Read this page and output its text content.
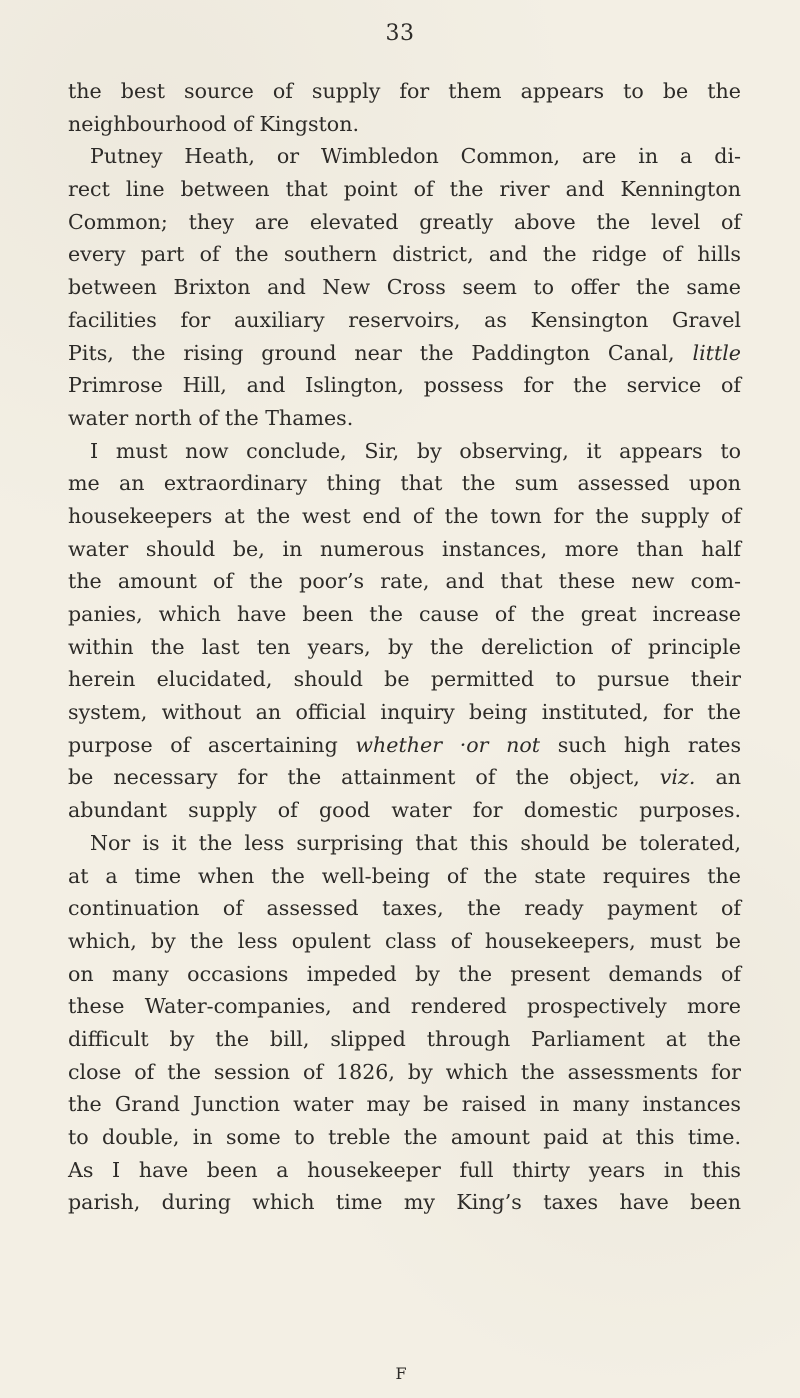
33
the best source of supply for them appears to be the
neighbourhood of Kingston.
Putney Heath, or Wimbledon Common, are in a di-
rect line between that point of the river and Kennington
Common; they are elevated greatly above the level of
every part of the southern district, and the ridge of hills
between Brixton and New Cross seem to offer the same
facilities for auxiliary reservoirs, as Kensington Gravel
Pits, the rising ground near the Paddington Canal, little
Primrose Hill, and Islington, possess for the service of
water north of the Thames.
I must now conclude, Sir, by observing, it appears to
me an extraordinary thing that the sum assessed upon
housekeepers at the west end of the town for the supply of
water should be, in numerous instances, more than half
the amount of the poor’s rate, and that these new com-
panies, which have been the cause of the great increase
within the last ten years, by the dereliction of principle
herein elucidated, should be permitted to pursue their
system, without an official inquiry being instituted, for the
purpose of ascertaining whether ·or not such high rates
be necessary for the attainment of the object, viz. an
abundant supply of good water for domestic purposes.
Nor is it the less surprising that this should be tolerated,
at a time when the well-being of the state requires the
continuation of assessed taxes, the ready payment of
which, by the less opulent class of housekeepers, must be
on many occasions impeded by the present demands of
these Water-companies, and rendered prospectively more
difficult by the bill, slipped through Parliament at the
close of the session of 1826, by which the assessments for
the Grand Junction water may be raised in many instances
to double, in some to treble the amount paid at this time.
As I have been a housekeeper full thirty years in this
parish, during which time my King’s taxes have been
F
